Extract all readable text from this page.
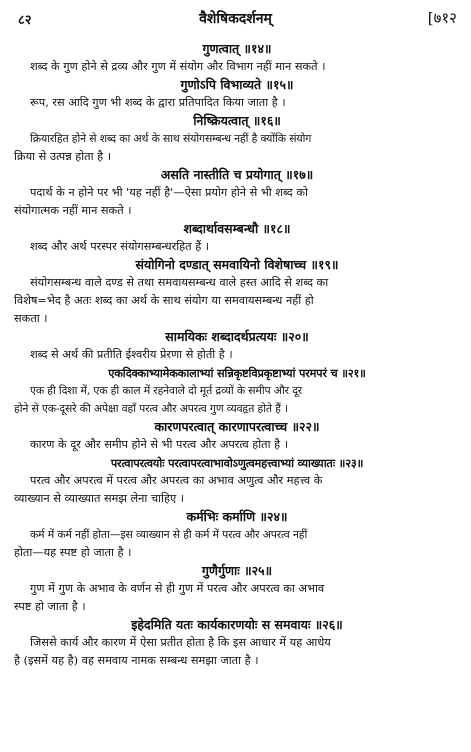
८२	वैशेषिकदर्शनम्	[७१२
गुणत्वात् ॥१४॥
शब्द के गुण होने से द्रव्य और गुण में संयोग और विभाग नहीं मान सकते ।
गुणोऽपि विभाव्यते ॥१५॥
रूप, रस आदि गुण भी शब्द के द्वारा प्रतिपादित किया जाता है ।
निष्क्रियत्वात् ॥१६॥
क्रियारहित होने से शब्द का अर्थ के साथ संयोगसम्बन्ध नहीं है क्योंकि संयोग
क्रिया से उत्पन्न होता है ।
असति नास्तीति च प्रयोगात् ॥१७॥
पदार्थ के न होने पर भी 'यह नहीं है'—ऐसा प्रयोग होने से भी शब्द को
संयोगात्मक नहीं मान सकते ।
शब्दार्थावसम्बन्धौ ॥१८॥
शब्द और अर्थ परस्पर संयोगसम्बन्धरहित हैं ।
संयोगिनो दण्डात् समवायिनो विशेषाच्च ॥१९॥
संयोगसम्बन्ध वाले दण्ड से तथा समवायसम्बन्ध वाले हस्त आदि से शब्द का
विशेष=भेद है अतः शब्द का अर्थ के साथ संयोग या समवायसम्बन्ध नहीं हो
सकता ।
सामयिकः शब्दादर्थप्रत्ययः ॥२०॥
शब्द से अर्थ की प्रतीति ईश्वरीय प्रेरणा से होती है ।
एकदिक्काभ्यामेककालाभ्यां सन्निकृष्टविप्रकृष्टाभ्यां परमपरं च ॥२१॥
एक ही दिशा में, एक ही काल में रहनेवाले दो मूर्त द्रव्यों के समीप और दूर
होने से एक-दूसरे की अपेक्षा वहाँ परत्व और अपरत्व गुण व्यवहृत होते हैं ।
कारणपरत्वात् कारणापरत्वाच्च ॥२२॥
कारण के दूर और समीप होने से भी परत्व और अपरत्व होता है ।
परत्वापरत्वयोः परत्वापरत्वाभावोऽणुत्वमहत्त्वाभ्यां व्याख्यातः ॥२३॥
परत्व और अपरत्व में परत्व और अपरत्व का अभाव अणुत्व और महत्त्व के
व्याख्यान से व्याख्यात समझ लेना चाहिए ।
कर्मभिः कर्माणि ॥२४॥
कर्म में कर्म नहीं होता—इस व्याख्यान से ही कर्म में परत्व और अपरत्व नहीं
होता—यह स्पष्ट हो जाता है ।
गुणैर्गुणाः ॥२५॥
गुण में गुण के अभाव के वर्णन से ही गुण में परत्व और अपरत्व का अभाव
स्पष्ट हो जाता है ।
इहेदमिति यतः कार्यकारणयोः स समवायः ॥२६॥
जिससे कार्य और कारण में ऐसा प्रतीत होता है कि इस आधार में यह आधेय
है (इसमें यह है) वह समवाय नामक सम्बन्ध समझा जाता है ।
